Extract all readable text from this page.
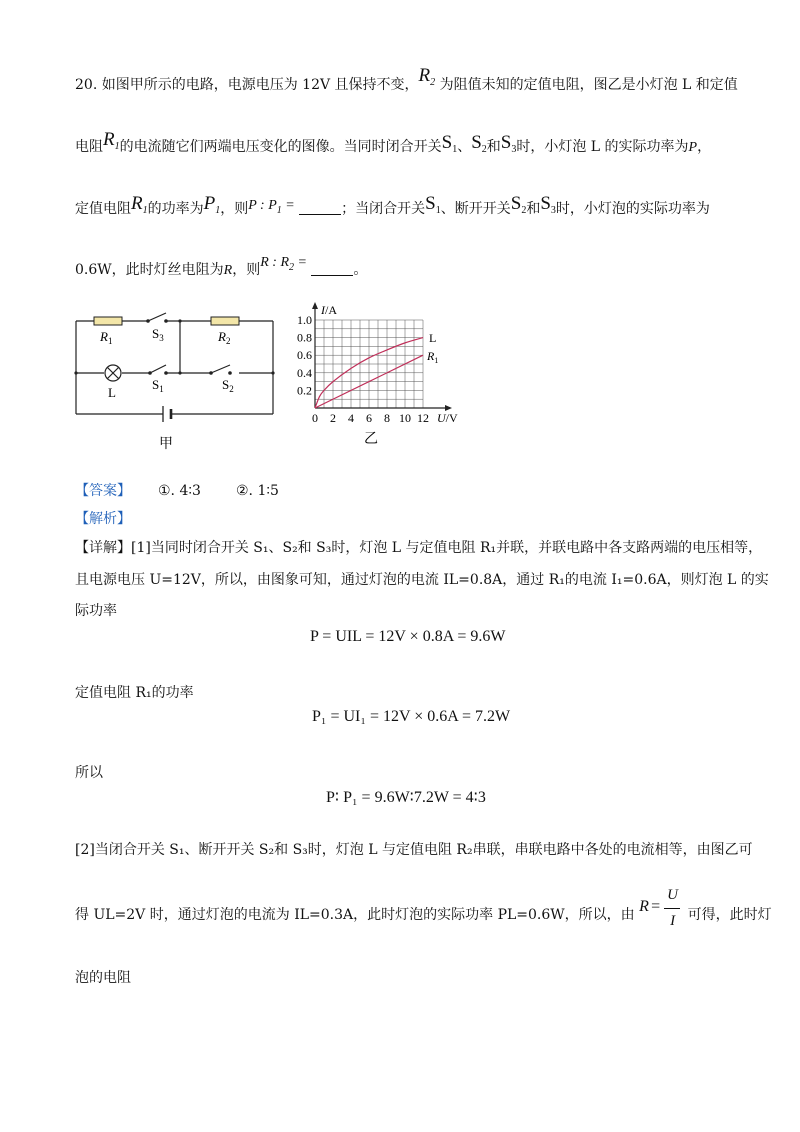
20. 如图甲所示的电路，电源电压为 12V 且保持不变，$R_2$ 为阻值未知的定值电阻，图乙是小灯泡 L 和定值
电阻$R_1$的电流随它们两端电压变化的图像。当同时闭合开关$S_1$、$S_2$和$S_3$时，小灯泡 L 的实际功率为P，
定值电阻$R_1$的功率为$P_1$，则P : $P_1$ =	；当闭合开关$S_1$、断开开关$S_2$和$S_3$时，小灯泡的实际功率为
0.6W，此时灯丝电阻为R，则R : $R_2$ =	。
$R_1$	$S_3$	$R_2$
$S_1$	$S_2$
L
甲
1.0
0.8
0.6
0.4
0.2
0 2 4 6 8 10 12
I/A
U/V
L
$R_1$
乙
【答案】 ①. 4∶3	②. 1∶5
【解析】
【详解】[1]当同时闭合开关 S₁、S₂和 S₃时，灯泡 L 与定值电阻 R₁并联，并联电路中各支路两端的电压相等，
且电源电压 U=12V，所以，由图象可知，通过灯泡的电流 IL=0.8A，通过 R₁的电流 I₁=0.6A，则灯泡 L 的实
际功率
P = UIL = 12V × 0.8A = 9.6W
定值电阻 R₁的功率
P₁ = UI₁ = 12V × 0.6A = 7.2W
所以
P∶ P₁ = 9.6W∶7.2W = 4∶3
[2]当闭合开关 S₁、断开开关 S₂和 S₃时，灯泡 L 与定值电阻 R₂串联，串联电路中各处的电流相等，由图乙可
得 UL=2V 时，通过灯泡的电流为 IL=0.3A，此时灯泡的实际功率 PL=0.6W，所以，由 R =
U
I 可得，此时灯
泡的电阻
